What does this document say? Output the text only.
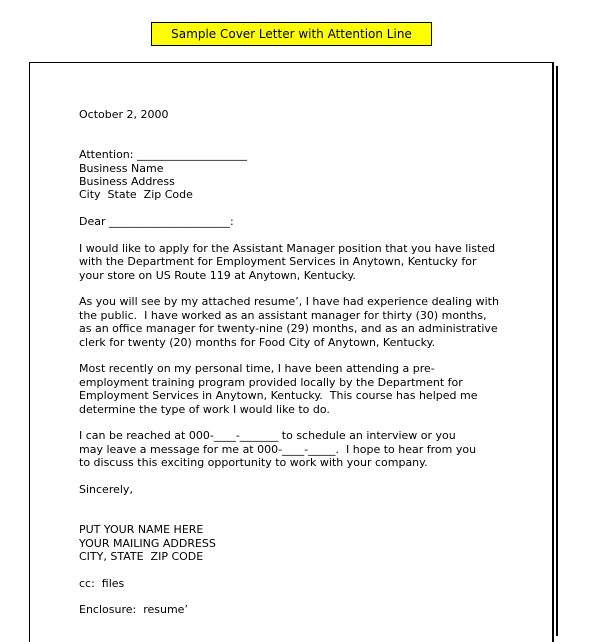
Sample Cover Letter with Attention Line
October 2, 2000
Attention: ____________________
Business Name
Business Address
City  State  Zip Code
Dear ______________________:
I would like to apply for the Assistant Manager position that you have listed
with the Department for Employment Services in Anytown, Kentucky for
your store on US Route 119 at Anytown, Kentucky.
As you will see by my attached resume’, I have had experience dealing with
the public.  I have worked as an assistant manager for thirty (30) months,
as an office manager for twenty-nine (29) months, and as an administrative
clerk for twenty (20) months for Food City of Anytown, Kentucky.
Most recently on my personal time, I have been attending a pre-
employment training program provided locally by the Department for
Employment Services in Anytown, Kentucky.  This course has helped me
determine the type of work I would like to do.
I can be reached at 000-____-_______ to schedule an interview or you
may leave a message for me at 000-____-_____.  I hope to hear from you
to discuss this exciting opportunity to work with your company.
Sincerely,
PUT YOUR NAME HERE
YOUR MAILING ADDRESS
CITY, STATE  ZIP CODE
cc:  files
Enclosure:  resume’
